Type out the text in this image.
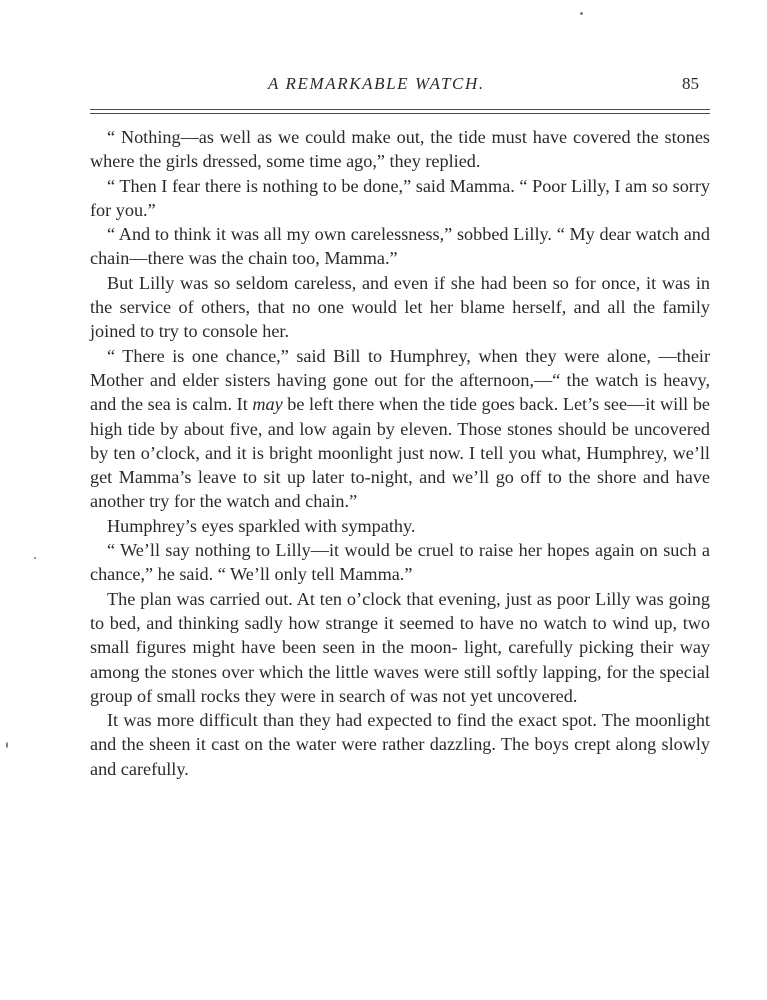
A REMARKABLE WATCH.	85

“ Nothing—as well as we could make out, the tide must have covered the stones where the girls dressed, some time ago,” they replied.

“ Then I fear there is nothing to be done,” said Mamma. “ Poor Lilly, I am so sorry for you.”

“ And to think it was all my own carelessness,” sobbed Lilly. “ My dear watch and chain—there was the chain too, Mamma.”

But Lilly was so seldom careless, and even if she had been so for once, it was in the service of others, that no one would let her blame herself, and all the family joined to try to console her.

“ There is one chance,” said Bill to Humphrey, when they were alone, —their Mother and elder sisters having gone out for the afternoon,—“ the watch is heavy, and the sea is calm. It may be left there when the tide goes back. Let’s see—it will be high tide by about five, and low again by eleven. Those stones should be uncovered by ten o’clock, and it is bright moonlight just now. I tell you what, Humphrey, we’ll get Mamma’s leave to sit up later to-night, and we’ll go off to the shore and have another try for the watch and chain.”

Humphrey’s eyes sparkled with sympathy.

“ We’ll say nothing to Lilly—it would be cruel to raise her hopes again on such a chance,” he said. “ We’ll only tell Mamma.”

The plan was carried out. At ten o’clock that evening, just as poor Lilly was going to bed, and thinking sadly how strange it seemed to have no watch to wind up, two small figures might have been seen in the moon- light, carefully picking their way among the stones over which the little waves were still softly lapping, for the special group of small rocks they were in search of was not yet uncovered.

It was more difficult than they had expected to find the exact spot. The moonlight and the sheen it cast on the water were rather dazzling. The boys crept along slowly and carefully.
